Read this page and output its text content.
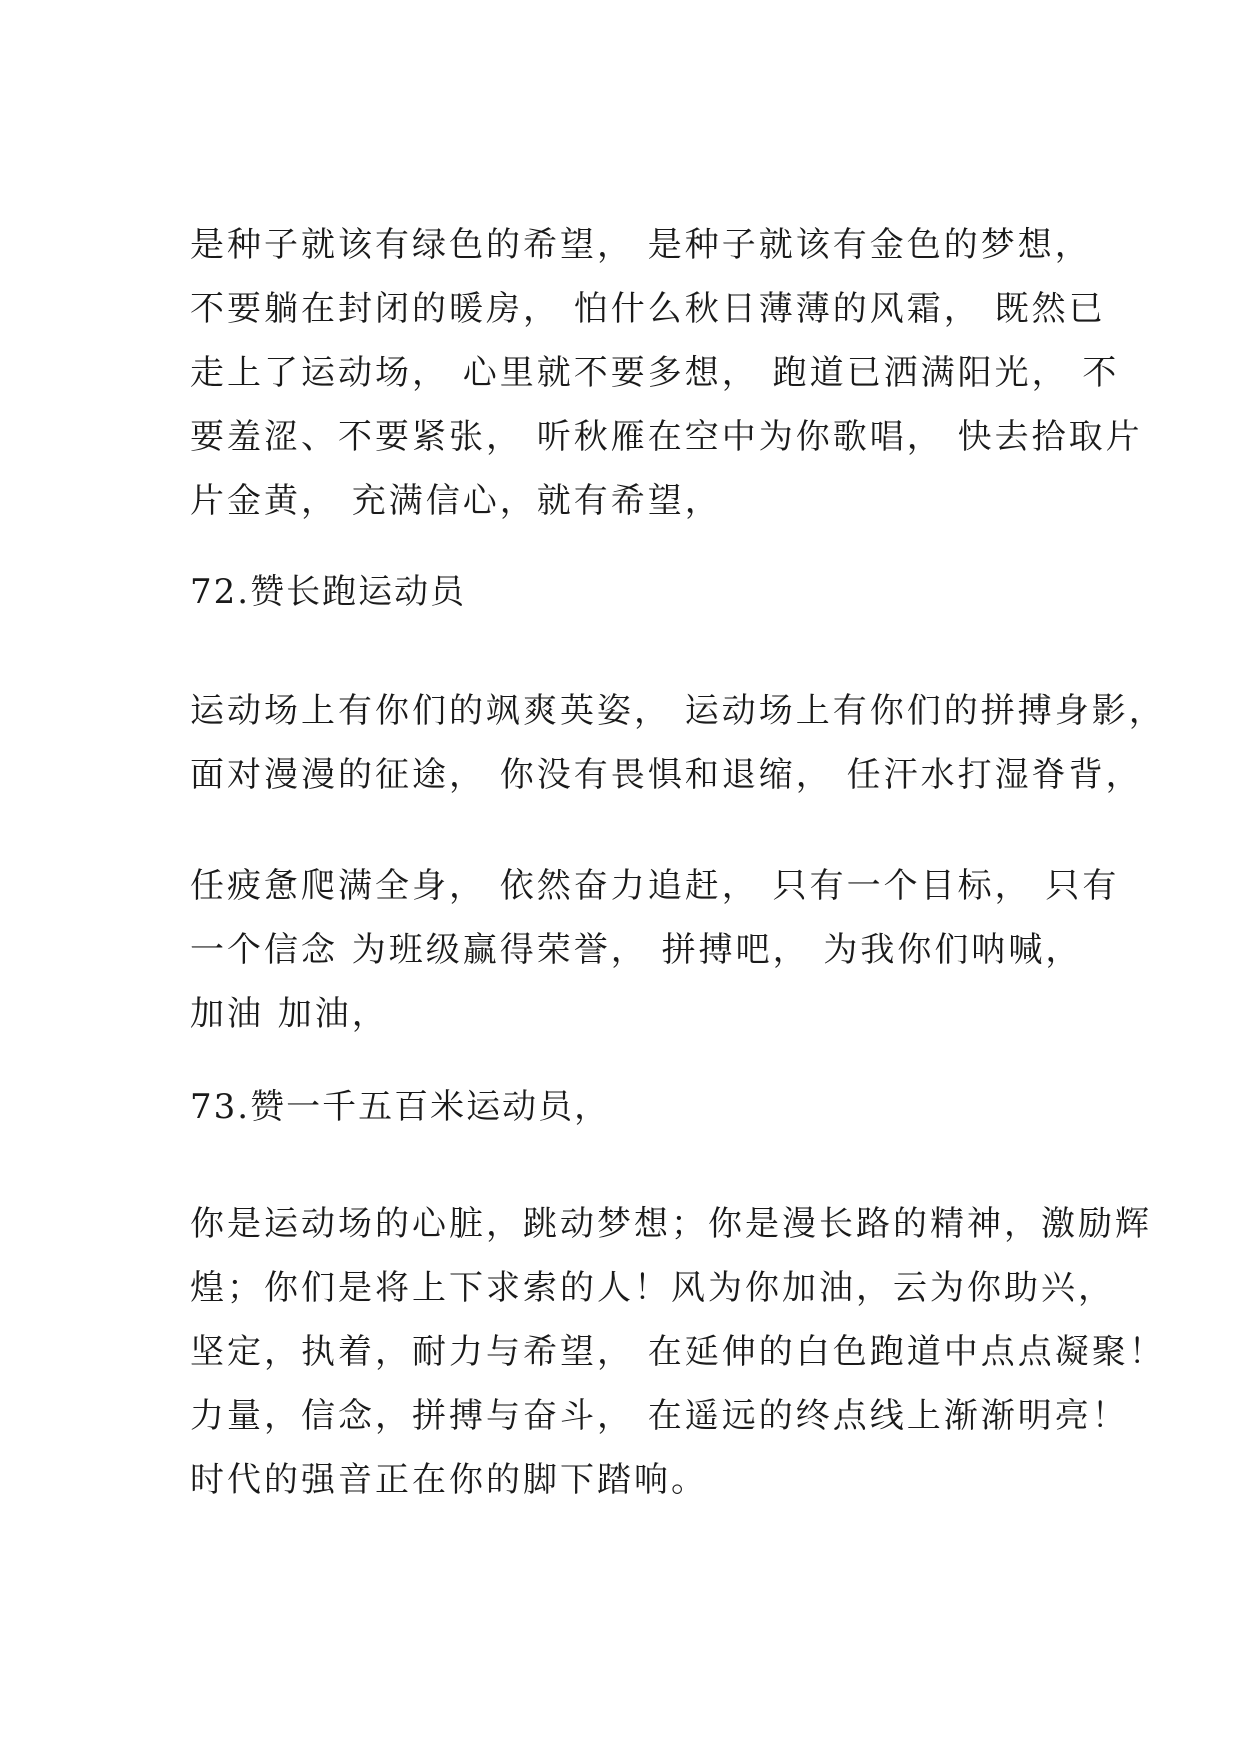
是种子就该有绿色的希望， 是种子就该有金色的梦想，
不要躺在封闭的暖房， 怕什么秋日薄薄的风霜， 既然已
走上了运动场， 心里就不要多想， 跑道已洒满阳光， 不
要羞涩、不要紧张， 听秋雁在空中为你歌唱， 快去拾取片
片金黄， 充满信心，就有希望，
72.赞长跑运动员
运动场上有你们的飒爽英姿， 运动场上有你们的拼搏身影，
面对漫漫的征途， 你没有畏惧和退缩， 任汗水打湿脊背，
任疲惫爬满全身， 依然奋力追赶， 只有一个目标， 只有
一个信念 为班级赢得荣誉， 拼搏吧， 为我你们呐喊，
加油 加油，
73.赞一千五百米运动员，
你是运动场的心脏，跳动梦想；你是漫长路的精神，激励辉
煌；你们是将上下求索的人！风为你加油，云为你助兴，
坚定，执着，耐力与希望， 在延伸的白色跑道中点点凝聚！
力量，信念，拼搏与奋斗， 在遥远的终点线上渐渐明亮！
时代的强音正在你的脚下踏响。
